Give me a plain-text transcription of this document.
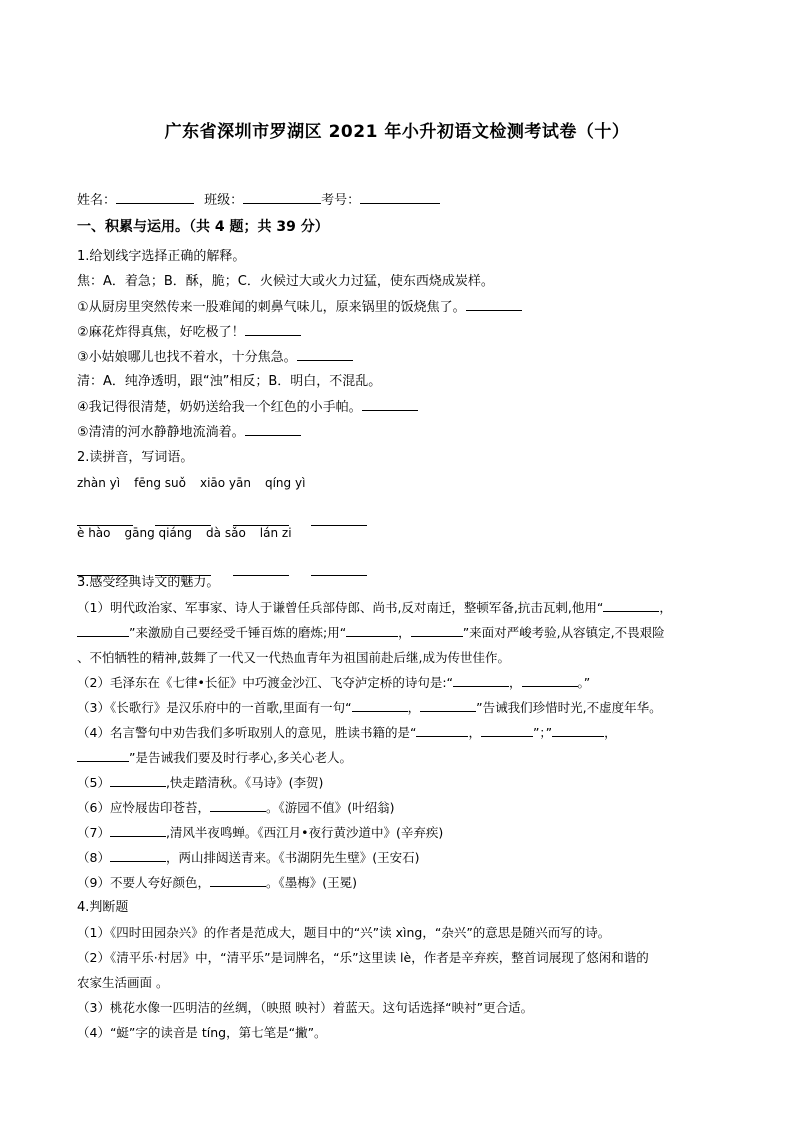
广东省深圳市罗湖区 2021 年小升初语文检测考试卷（十）
姓名：	班级：	考号：
一、积累与运用。（共 4 题；共 39 分）
1.给划线字选择正确的解释。
焦：A．着急；B．酥，脆；C．火候过大或火力过猛，使东西烧成炭样。
①从厨房里突然传来一股难闻的刺鼻气味儿，原来锅里的饭烧焦了。
②麻花炸得真焦，好吃极了！
③小姑娘哪儿也找不着水，十分焦急。
清：A．纯净透明，跟“浊”相反；B．明白，不混乱。
④我记得很清楚，奶奶送给我一个红色的小手帕。
⑤清清的河水静静地流淌着。
2.读拼音，写词语。
zhàn yì fēng suǒ xiāo yān qíng yì
è hào gāng qiáng dà sǎo lán zi
3.感受经典诗文的魅力。
（1）明代政治家、军事家、诗人于谦曾任兵部侍郎、尚书,反对南迁，整顿军备,抗击瓦剌,他用“	，
”来激励自己要经受千锤百炼的磨炼;用“	，	”来面对严峻考验,从容镇定,不畏艰险
、不怕牺牲的精神,鼓舞了一代又一代热血青年为祖国前赴后继,成为传世佳作。
（2）毛泽东在《七律•长征》中巧渡金沙江、飞夺泸定桥的诗句是:“	，	。”
（3）《长歌行》是汉乐府中的一首歌,里面有一句“	，	”告诫我们珍惜时光,不虚度年华。
（4）名言警句中劝告我们多听取别人的意见，胜读书籍的是“	，	”；”	，
”是告诫我们要及时行孝心,多关心老人。
（5）	,快走踏清秋。《马诗》(李贺)
（6）应怜屐齿印苍苔，	。《游园不值》(叶绍翁)
（7）	,清风半夜鸣蝉。《西江月•夜行黄沙道中》(辛弃疾)
（8）	，两山排闼送青来。《书湖阴先生壁》(王安石)
（9）不要人夸好颜色，	。《墨梅》(王冕)
4.判断题
（1）《四时田园杂兴》的作者是范成大，题目中的“兴”读 xìng，“杂兴”的意思是随兴而写的诗。
（2）《清平乐·村居》中，“清平乐”是词牌名，“乐”这里读 lè，作者是辛弃疾，整首词展现了悠闲和谐的
农家生活画面 。
（3）桃花水像一匹明洁的丝绸，（映照 映衬）着蓝天。这句话选择“映衬”更合适。
（4）“蜓”字的读音是 tíng，第七笔是“撇”。
